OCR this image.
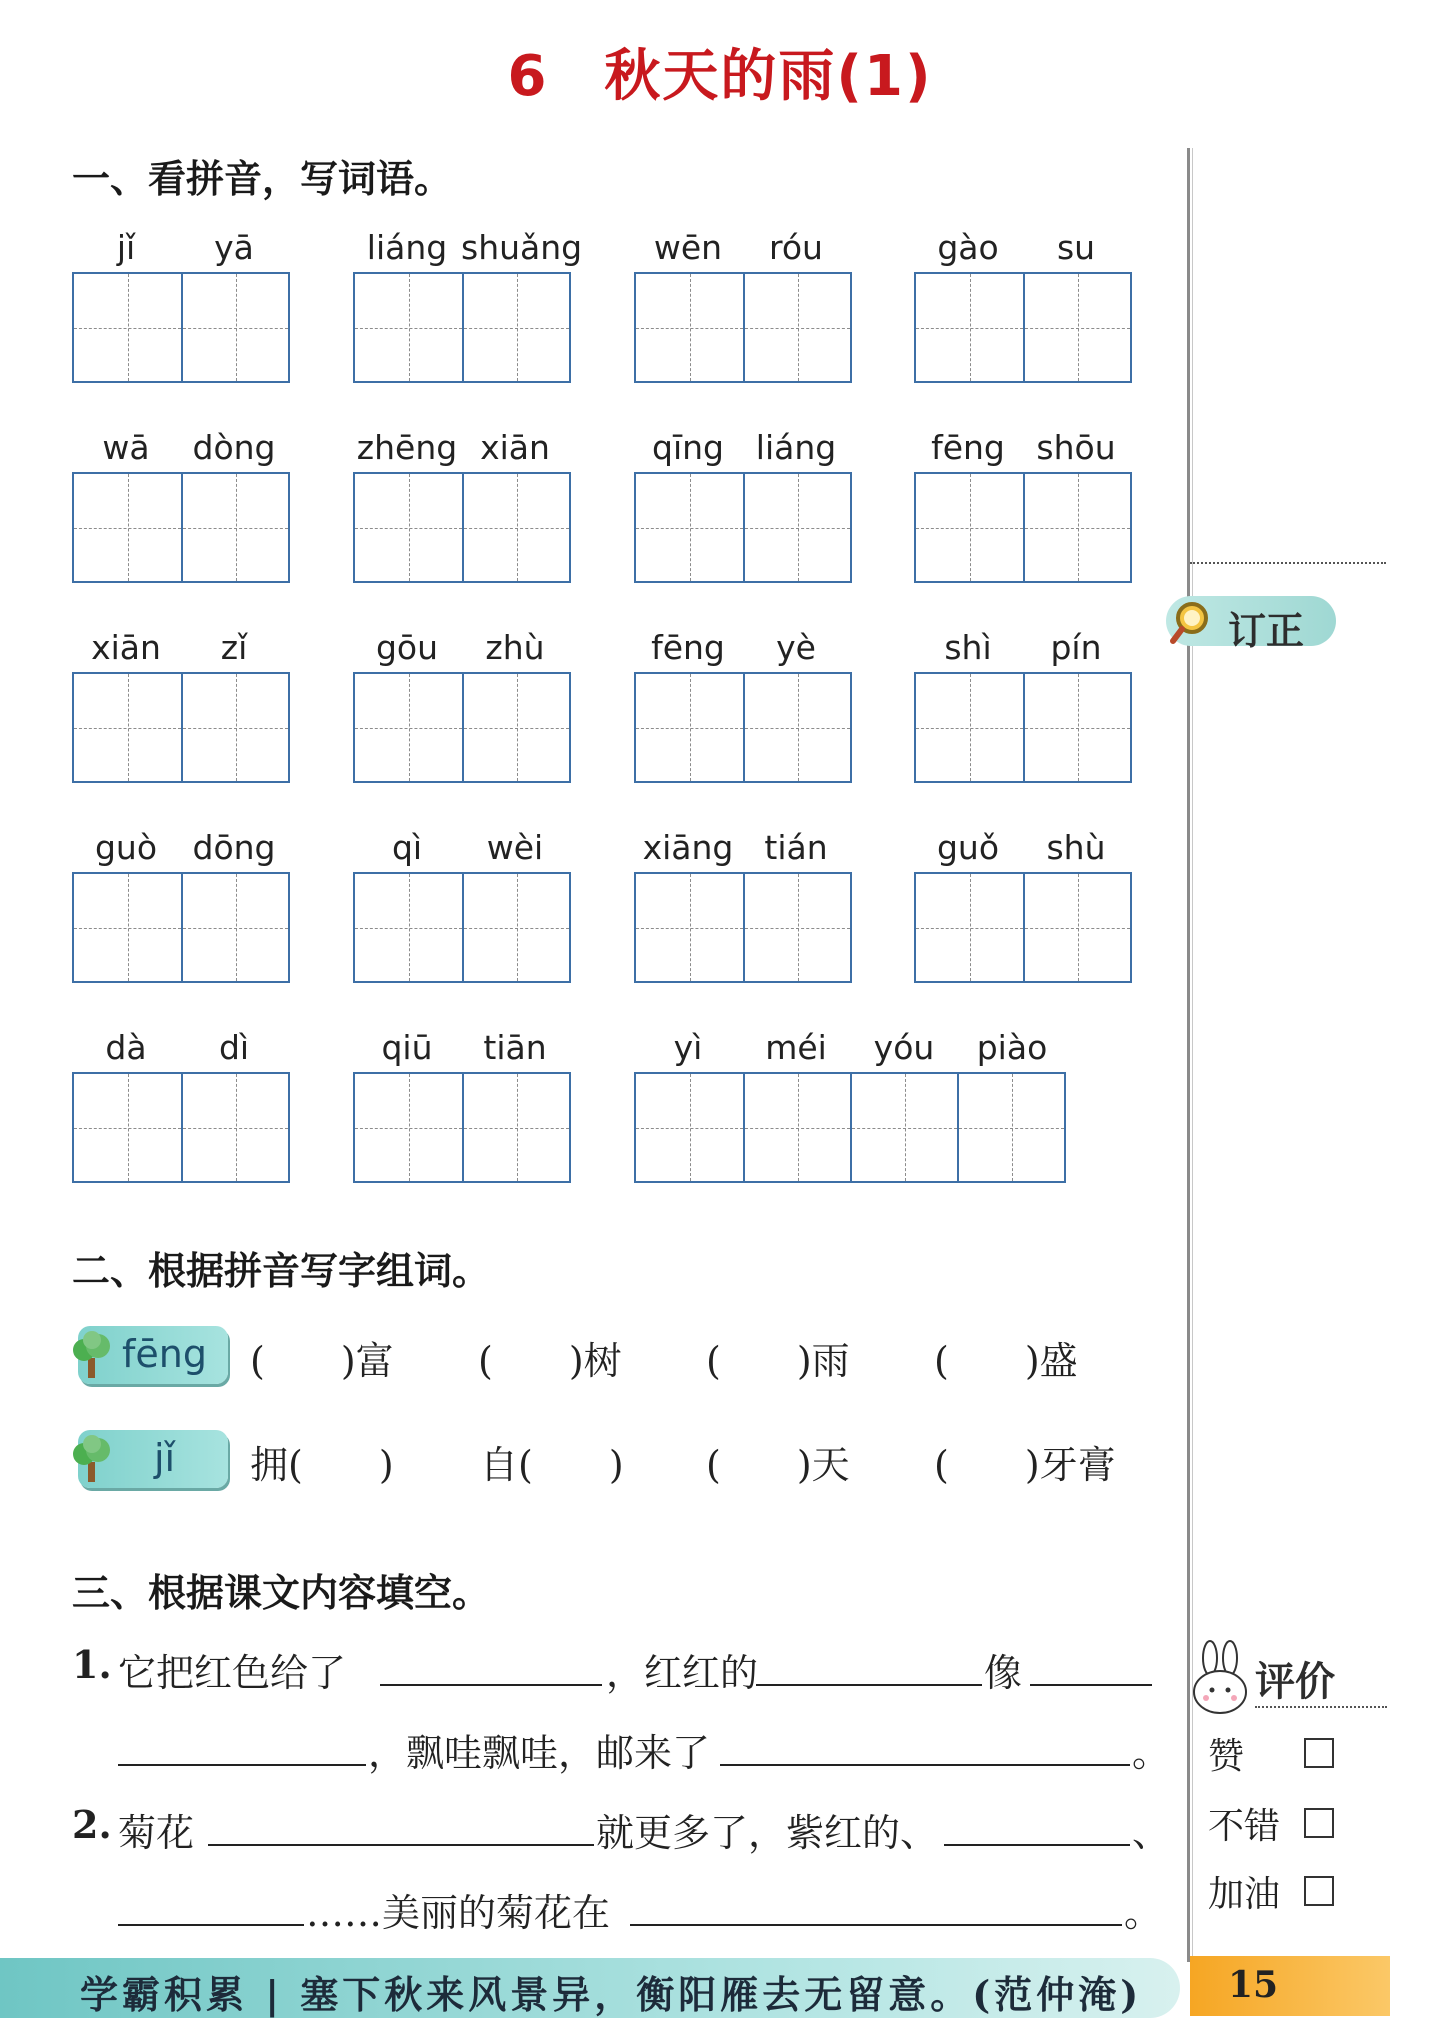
6 秋天的雨(1)
一、看拼音，写词语。
jǐ	yā	liáng shuǎng	wēn	róu	gào	su
wā	dòng	zhēng xiān	qīng liáng	fēng shōu
xiān	zǐ	gōu	zhù	fēng	yè	shì	pín
guò	dōng	qì	wèi	xiāng tián	guǒ	shù
dà	dì	qiū	tiān	yì	méi	yóu	piào
二、根据拼音写字组词。
fēng (　　)富 (　　)树 (　　)雨 (　　)盛
jǐ 拥(　　) 自(　　) (　　)天 (　　)牙膏
三、根据课文内容填空。
1. 它把红色给了	，红红的	像
，飘哇飘哇，邮来了	。
2. 菊花	就更多了，紫红的、	、
……美丽的菊花在	。
订正
评价
赞
不错
加油
学霸积累 | 塞下秋来风景异，衡阳雁去无留意。(范仲淹) 15
